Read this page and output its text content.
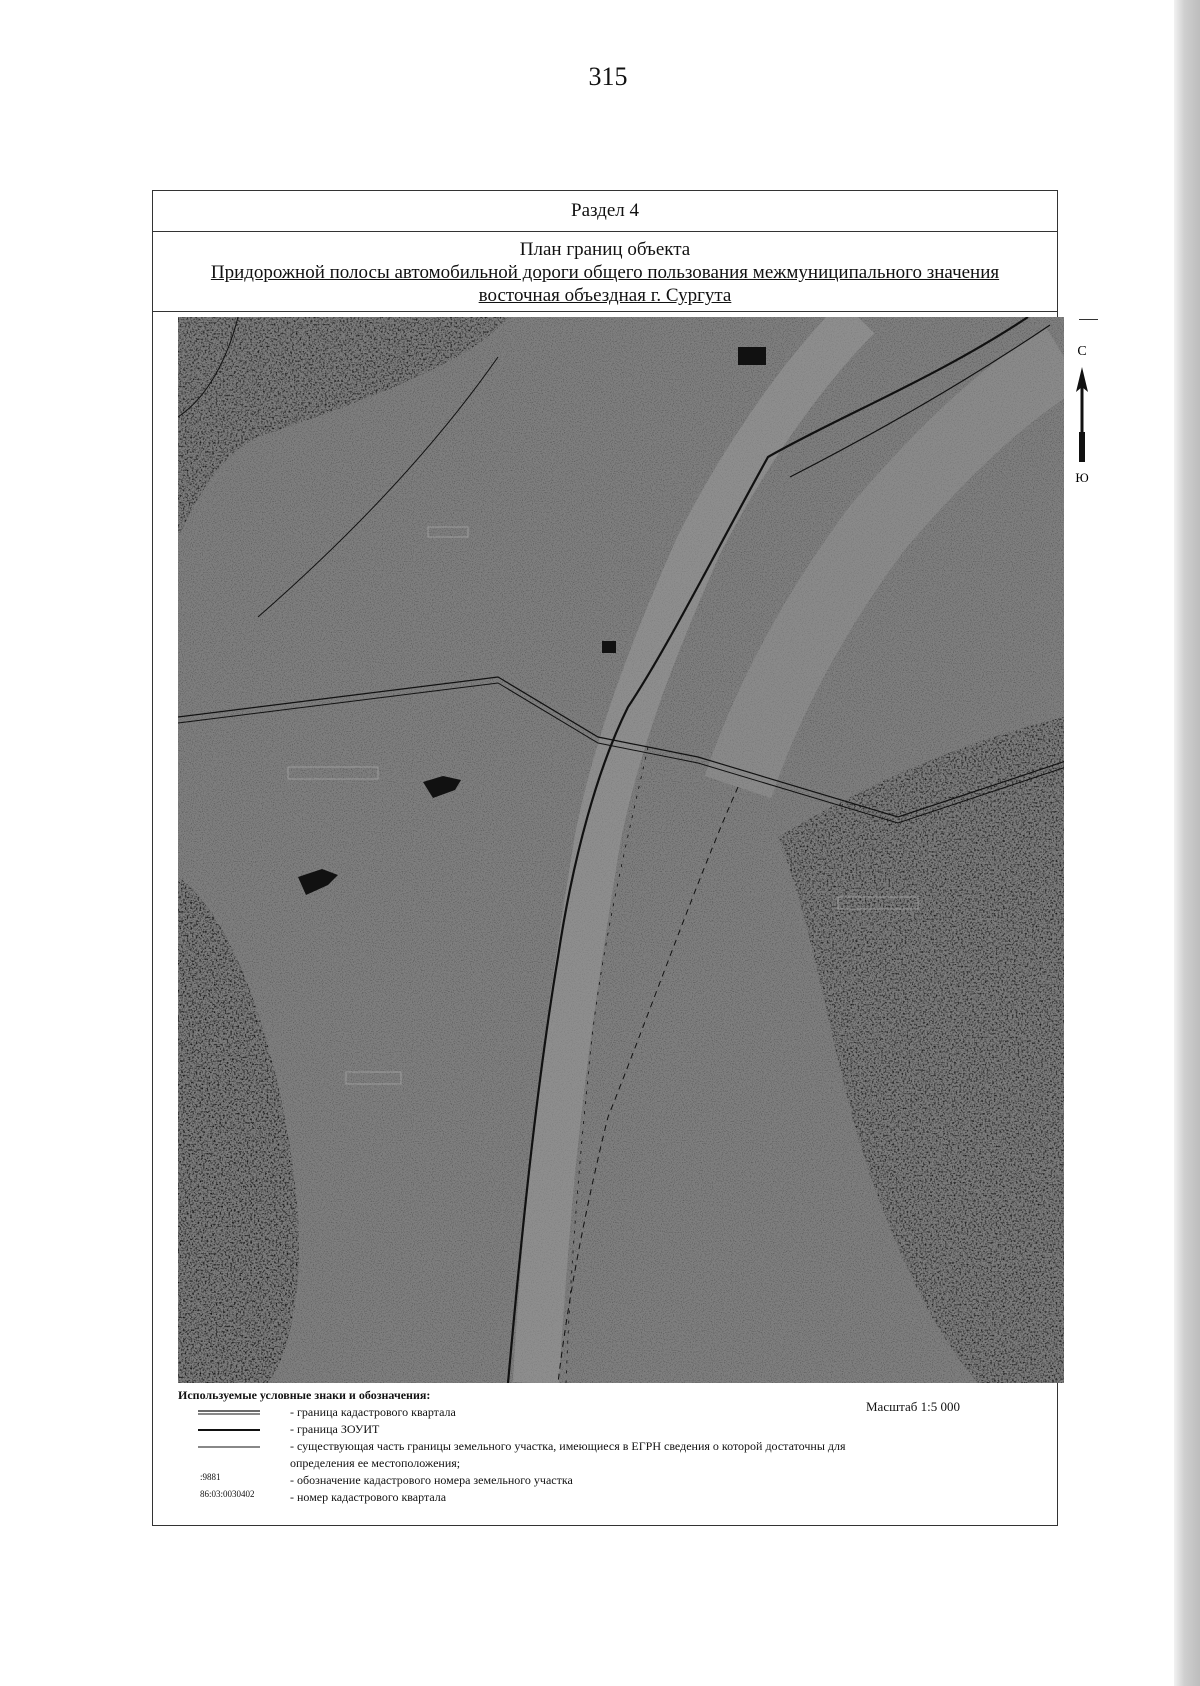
315
Раздел 4
План границ объекта
Придорожной полосы автомобильной дороги общего пользования межмуниципального значения
восточная объездная г. Сургута
С
Ю
Используемые условные знаки и обозначения:
- граница кадастрового квартала
- граница ЗОУИТ
- существующая часть границы земельного участка, имеющиеся в ЕГРН сведения о которой достаточны для определения ее местоположения;
:9881	- обозначение кадастрового номера земельного участка
86:03:0030402	- номер кадастрового квартала
Масштаб 1:5 000
